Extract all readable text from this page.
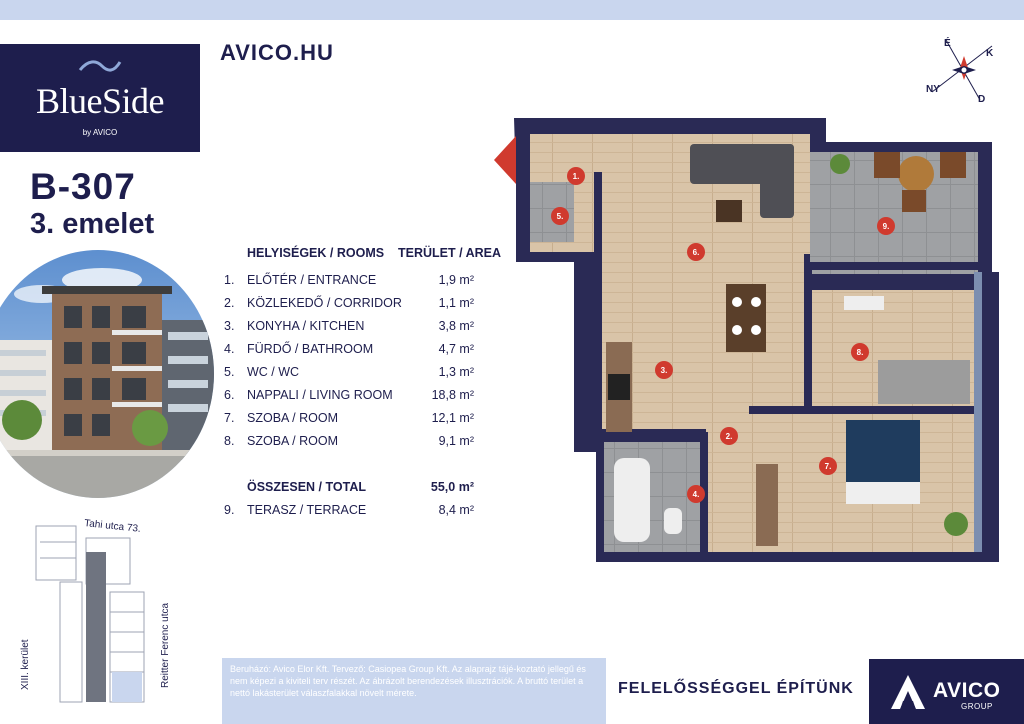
BlueSide
by AVICO
AVICO.HU
B-307
3. emelet
HELYISÉGEK / ROOMS TERÜLET / AREA
1. ELŐTÉR / ENTRANCE	1,9 m²
2. KÖZLEKEDŐ / CORRIDOR	1,1 m²
3. KONYHA / KITCHEN	3,8 m²
4. FÜRDŐ / BATHROOM	4,7 m²
5. WC / WC	1,3 m²
6. NAPPALI / LIVING ROOM	18,8 m²
7. SZOBA / ROOM	12,1 m²
8. SZOBA / ROOM	9,1 m²
ÖSSZESEN / TOTAL	55,0 m²
9. TERASZ / TERRACE	8,4 m²
É
K
D
NY
1.
2.
3.
4.
5.
6.
7.
8.
9.
Tahi utca 73.
Reitter Ferenc utca
XIII. kerület	Beruházó: Avico Elor Kft. Tervező: Casiopea Group Kft. Az alaprajz tájé-koztató jellegű és nem képezi a kiviteli terv részét. Az ábrázolt berendezések illusztrációk. A bruttó terület a nettó lakásterület válaszfalakkal növelt mérete.	FELELŐSSÉGGEL ÉPÍTÜNK	AVICO
GROUP
